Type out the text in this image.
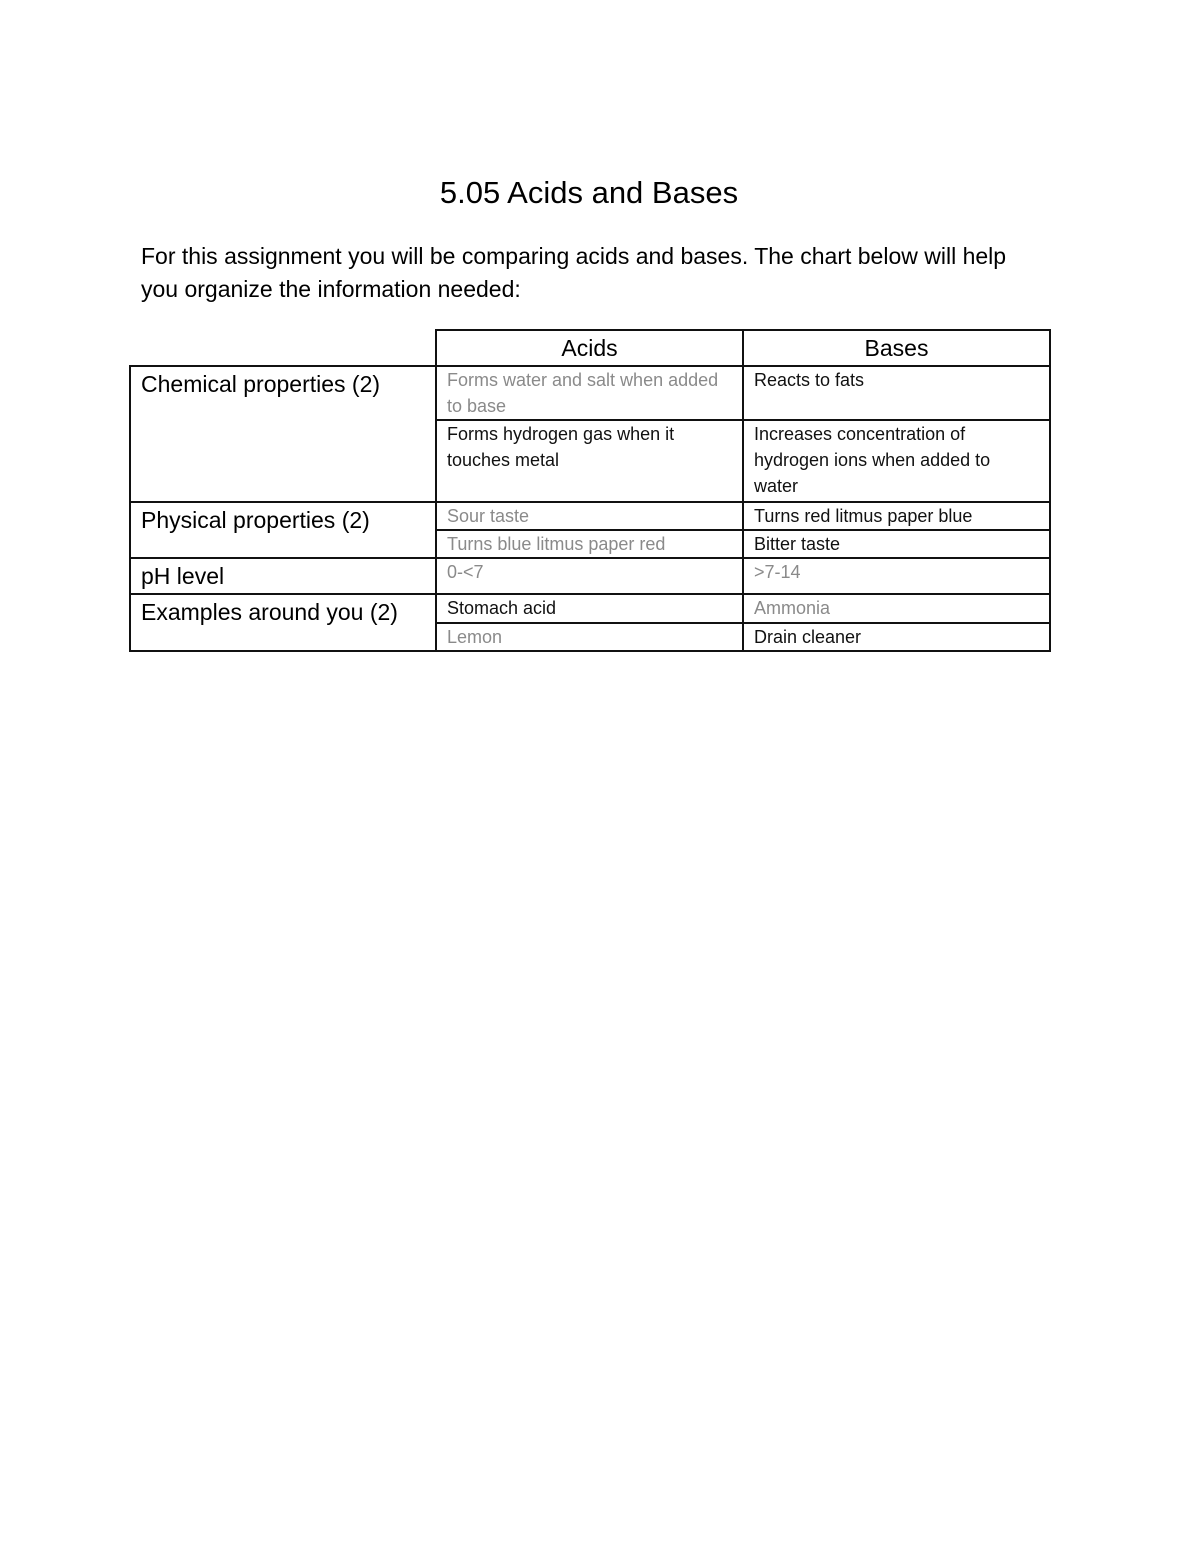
5.05 Acids and Bases
For this assignment you will be comparing acids and bases. The chart below will help you organize the information needed:
	Acids	Bases
Chemical properties (2)	Forms water and salt when added to base	Reacts to fats
	Forms hydrogen gas when it touches metal	Increases concentration of hydrogen ions when added to water
Physical properties (2)	Sour taste	Turns red litmus paper blue
	Turns blue litmus paper red	Bitter taste
pH level	0-<7	>7-14
Examples around you (2)	Stomach acid	Ammonia
	Lemon	Drain cleaner
